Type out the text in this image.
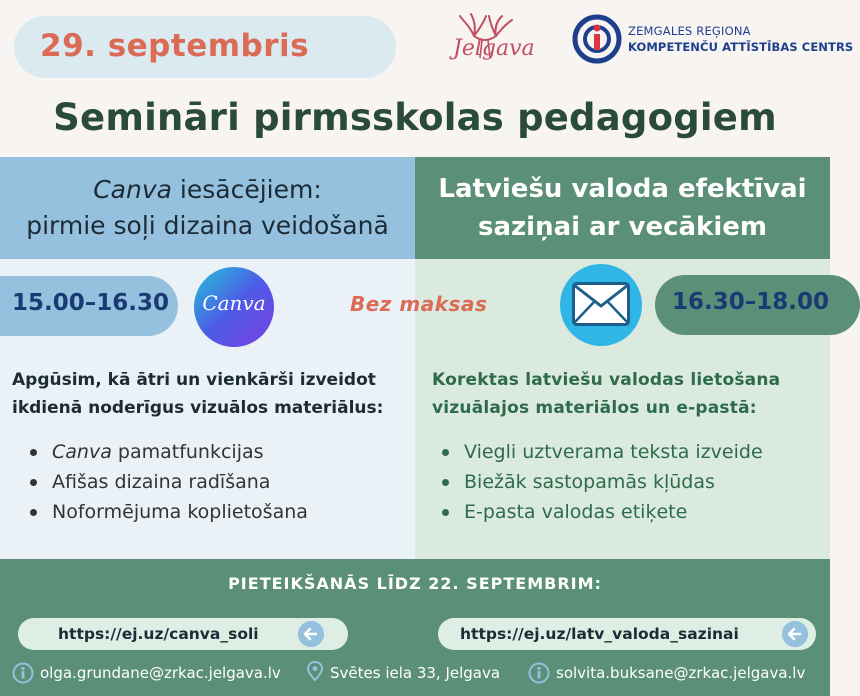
29. septembris	Jelgava
ZEMGALES REĢIONA
KOMPETENČU ATTĪSTĪBAS CENTRS
Semināri pirmsskolas pedagogiem
Canva iesācējiem:
pirmie soļi dizaina veidošanā
Latviešu valoda efektīvai
saziņai ar vecākiem
15.00–16.30	Canva	Bez maksas	16.30–18.00
Apgūsim, kā ātri un vienkārši izveidot
ikdienā noderīgus vizuālos materiālus:
Korektas latviešu valodas lietošana
vizuālajos materiālos un e-pastā:
Canva pamatfunkcijas
Afišas dizaina radīšana
Noformējuma koplietošana
Viegli uztverama teksta izveide
Biežāk sastopamās kļūdas
E-pasta valodas etiķete
PIETEIKŠANĀS LĪDZ 22. SEPTEMBRIM:
https://ej.uz/canva_soli	https://ej.uz/latv_valoda_sazinai
olga.grundane@zrkac.jelgava.lv	Svētes iela 33, Jelgava	solvita.buksane@zrkac.jelgava.lv
